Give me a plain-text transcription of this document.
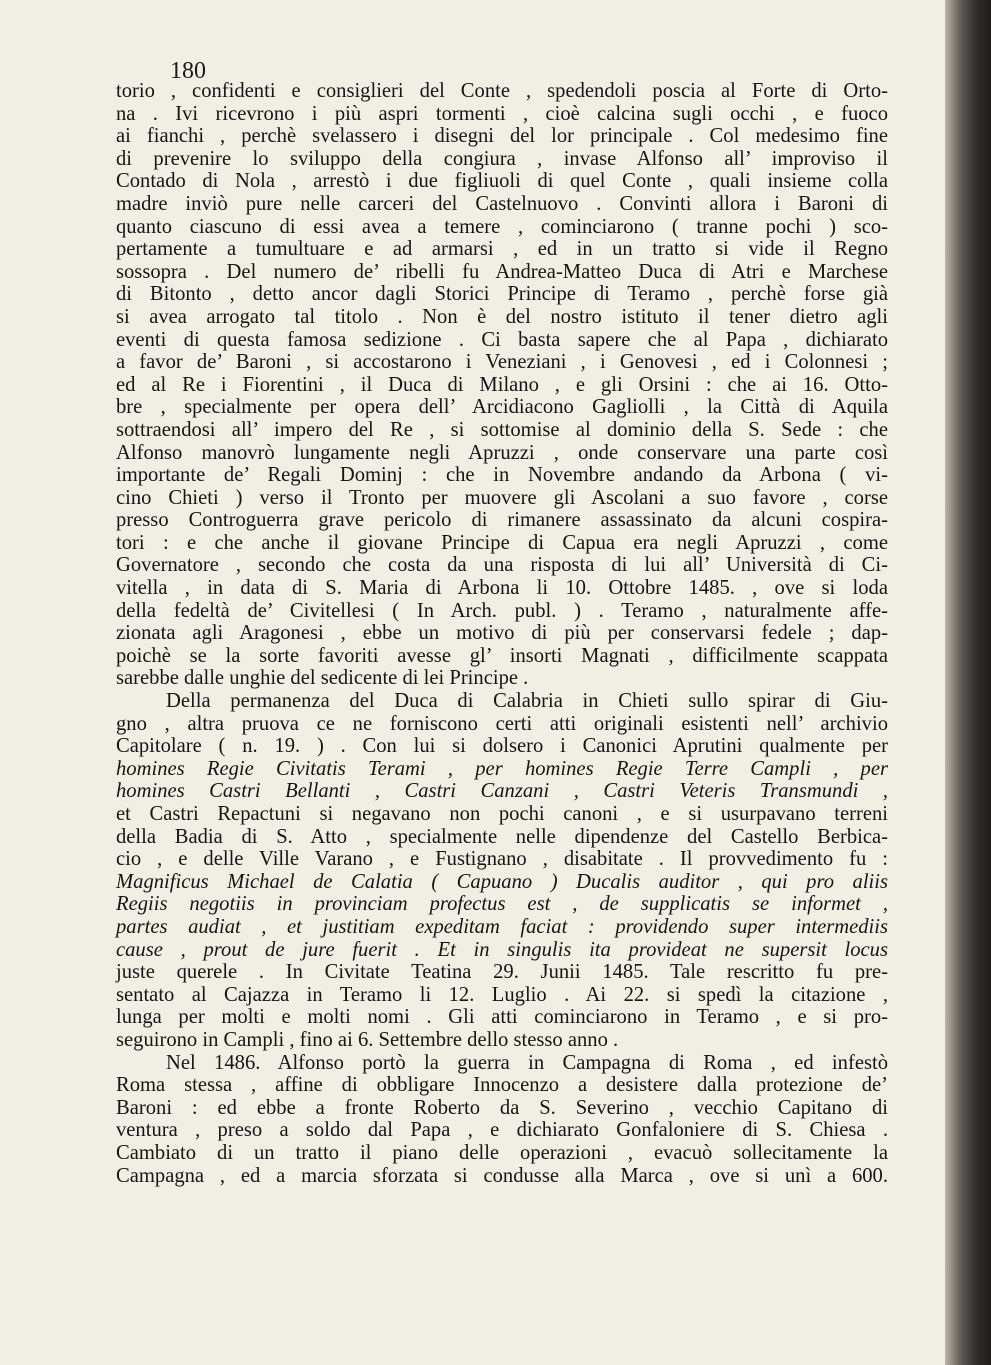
180
torio , confidenti e consiglieri del Conte , spedendoli poscia al Forte di Orto-
na . Ivi ricevrono i più aspri tormenti , cioè calcina sugli occhi , e fuoco
ai fianchi , perchè svelassero i disegni del lor principale . Col medesimo fine
di prevenire lo sviluppo della congiura , invase Alfonso all’ improviso il
Contado di Nola , arrestò i due figliuoli di quel Conte , quali insieme colla
madre inviò pure nelle carceri del Castelnuovo . Convinti allora i Baroni di
quanto ciascuno di essi avea a temere , cominciarono ( tranne pochi ) sco-
pertamente a tumultuare e ad armarsi , ed in un tratto si vide il Regno
sossopra . Del numero de’ ribelli fu Andrea-Matteo Duca di Atri e Marchese
di Bitonto , detto ancor dagli Storici Principe di Teramo , perchè forse già
si avea arrogato tal titolo . Non è del nostro istituto il tener dietro agli
eventi di questa famosa sedizione . Ci basta sapere che al Papa , dichiarato
a favor de’ Baroni , si accostarono i Veneziani , i Genovesi , ed i Colonnesi ;
ed al Re i Fiorentini , il Duca di Milano , e gli Orsini : che ai 16. Otto-
bre , specialmente per opera dell’ Arcidiacono Gagliolli , la Città di Aquila
sottraendosi all’ impero del Re , si sottomise al dominio della S. Sede : che
Alfonso manovrò lungamente negli Apruzzi , onde conservare una parte così
importante de’ Regali Dominj : che in Novembre andando da Arbona ( vi-
cino Chieti ) verso il Tronto per muovere gli Ascolani a suo favore , corse
presso Controguerra grave pericolo di rimanere assassinato da alcuni cospira-
tori : e che anche il giovane Principe di Capua era negli Apruzzi , come
Governatore , secondo che costa da una risposta di lui all’ Università di Ci-
vitella , in data di S. Maria di Arbona li 10. Ottobre 1485. , ove si loda
della fedeltà de’ Civitellesi ( In Arch. publ. ) . Teramo , naturalmente affe-
zionata agli Aragonesi , ebbe un motivo di più per conservarsi fedele ; dap-
poichè se la sorte favoriti avesse gl’ insorti Magnati , difficilmente scappata
sarebbe dalle unghie del sedicente di lei Principe .
Della permanenza del Duca di Calabria in Chieti sullo spirar di Giu-
gno , altra pruova ce ne forniscono certi atti originali esistenti nell’ archivio
Capitolare ( n. 19. ) . Con lui si dolsero i Canonici Aprutini qualmente per
homines Regie Civitatis Terami , per homines Regie Terre Campli , per
homines Castri Bellanti , Castri Canzani , Castri Veteris Transmundi ,
et Castri Repactuni si negavano non pochi canoni , e si usurpavano terreni
della Badia di S. Atto , specialmente nelle dipendenze del Castello Berbica-
cio , e delle Ville Varano , e Fustignano , disabitate . Il provvedimento fu :
Magnificus Michael de Calatia ( Capuano ) Ducalis auditor , qui pro aliis
Regiis negotiis in provinciam profectus est , de supplicatis se informet ,
partes audiat , et justitiam expeditam faciat : providendo super intermediis
cause , prout de jure fuerit . Et in singulis ita provideat ne supersit locus
juste querele . In Civitate Teatina 29. Junii 1485. Tale rescritto fu pre-
sentato al Cajazza in Teramo li 12. Luglio . Ai 22. si spedì la citazione ,
lunga per molti e molti nomi . Gli atti cominciarono in Teramo , e si pro-
seguirono in Campli , fino ai 6. Settembre dello stesso anno .
Nel 1486. Alfonso portò la guerra in Campagna di Roma , ed infestò
Roma stessa , affine di obbligare Innocenzo a desistere dalla protezione de’
Baroni : ed ebbe a fronte Roberto da S. Severino , vecchio Capitano di
ventura , preso a soldo dal Papa , e dichiarato Gonfaloniere di S. Chiesa .
Cambiato di un tratto il piano delle operazioni , evacuò sollecitamente la
Campagna , ed a marcia sforzata si condusse alla Marca , ove si unì a 600.
